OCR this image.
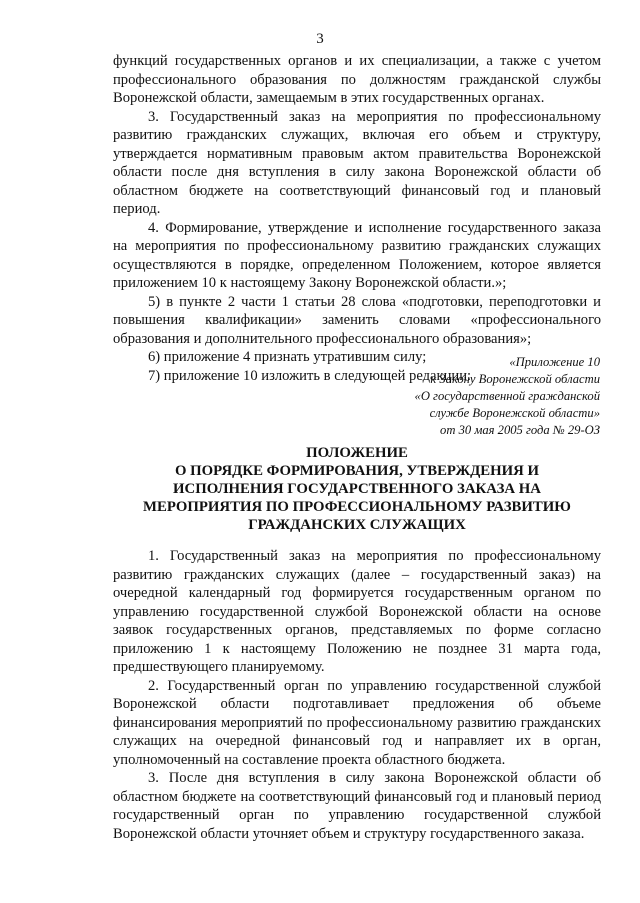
3

функций государственных органов и их специализации, а также с учетом профессионального образования по должностям гражданской службы Воронежской области, замещаемым в этих государственных органах.

3. Государственный заказ на мероприятия по профессиональному развитию гражданских служащих, включая его объем и структуру, утверждается нормативным правовым актом правительства Воронежской области после дня вступления в силу закона Воронежской области об областном бюджете на соответствующий финансовый год и плановый период.

4. Формирование, утверждение и исполнение государственного заказа на мероприятия по профессиональному развитию гражданских служащих осуществляются в порядке, определенном Положением, которое является приложением 10 к настоящему Закону Воронежской области.»;

5) в пункте 2 части 1 статьи 28 слова «подготовки, переподготовки и повышения квалификации» заменить словами «профессионального образования и дополнительного профессионального образования»;

6) приложение 4 признать утратившим силу;

7) приложение 10 изложить в следующей редакции:

«Приложение 10
к Закону Воронежской области
«О государственной гражданской
службе Воронежской области»
от 30 мая 2005 года № 29-ОЗ
ПОЛОЖЕНИЕ
О ПОРЯДКЕ ФОРМИРОВАНИЯ, УТВЕРЖДЕНИЯ И
ИСПОЛНЕНИЯ ГОСУДАРСТВЕННОГО ЗАКАЗА НА
МЕРОПРИЯТИЯ ПО ПРОФЕССИОНАЛЬНОМУ РАЗВИТИЮ
ГРАЖДАНСКИХ СЛУЖАЩИХ

1. Государственный заказ на мероприятия по профессиональному развитию гражданских служащих (далее – государственный заказ) на очередной календарный год формируется государственным органом по управлению государственной службой Воронежской области на основе заявок государственных органов, представляемых по форме согласно приложению 1 к настоящему Положению не позднее 31 марта года, предшествующего планируемому.

2. Государственный орган по управлению государственной службой Воронежской области подготавливает предложения об объеме финансирования мероприятий по профессиональному развитию гражданских служащих на очередной финансовый год и направляет их в орган, уполномоченный на составление проекта областного бюджета.

3. После дня вступления в силу закона Воронежской области об областном бюджете на соответствующий финансовый год и плановый период государственный орган по управлению государственной службой Воронежской области уточняет объем и структуру государственного заказа.
